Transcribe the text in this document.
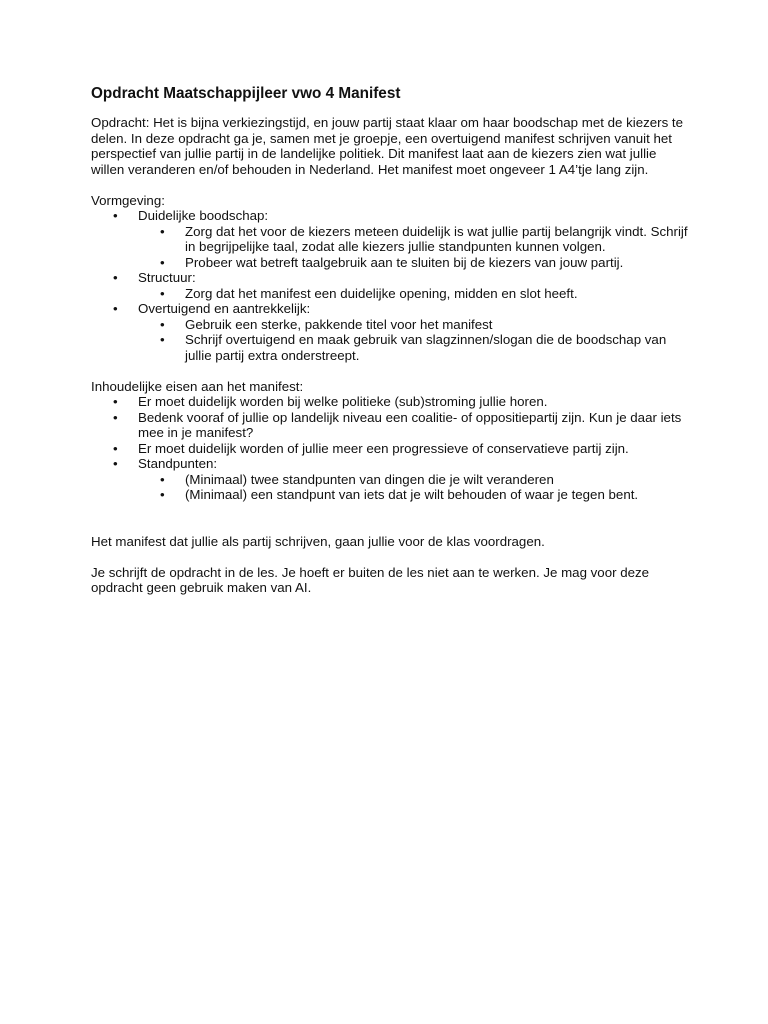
Opdracht Maatschappijleer vwo 4 Manifest

Opdracht: Het is bijna verkiezingstijd, en jouw partij staat klaar om haar boodschap met de kiezers te delen. In deze opdracht ga je, samen met je groepje, een overtuigend manifest schrijven vanuit het perspectief van jullie partij in de landelijke politiek. Dit manifest laat aan de kiezers zien wat jullie willen veranderen en/of behouden in Nederland. Het manifest moet ongeveer 1 A4’tje lang zijn.

Vormgeving:

• Duidelijke boodschap:
• Zorg dat het voor de kiezers meteen duidelijk is wat jullie partij belangrijk vindt. Schrijf in begrijpelijke taal, zodat alle kiezers jullie standpunten kunnen volgen.
• Probeer wat betreft taalgebruik aan te sluiten bij de kiezers van jouw partij.
• Structuur:
• Zorg dat het manifest een duidelijke opening, midden en slot heeft.
• Overtuigend en aantrekkelijk:
• Gebruik een sterke, pakkende titel voor het manifest
• Schrijf overtuigend en maak gebruik van slagzinnen/slogan die de boodschap van jullie partij extra onderstreept.

Inhoudelijke eisen aan het manifest:

• Er moet duidelijk worden bij welke politieke (sub)stroming jullie horen.
• Bedenk vooraf of jullie op landelijk niveau een coalitie- of oppositiepartij zijn. Kun je daar iets mee in je manifest?
• Er moet duidelijk worden of jullie meer een progressieve of conservatieve partij zijn.
• Standpunten:
• (Minimaal) twee standpunten van dingen die je wilt veranderen
• (Minimaal) een standpunt van iets dat je wilt behouden of waar je tegen bent.

Het manifest dat jullie als partij schrijven, gaan jullie voor de klas voordragen.

Je schrijft de opdracht in de les. Je hoeft er buiten de les niet aan te werken. Je mag voor deze opdracht geen gebruik maken van AI.
